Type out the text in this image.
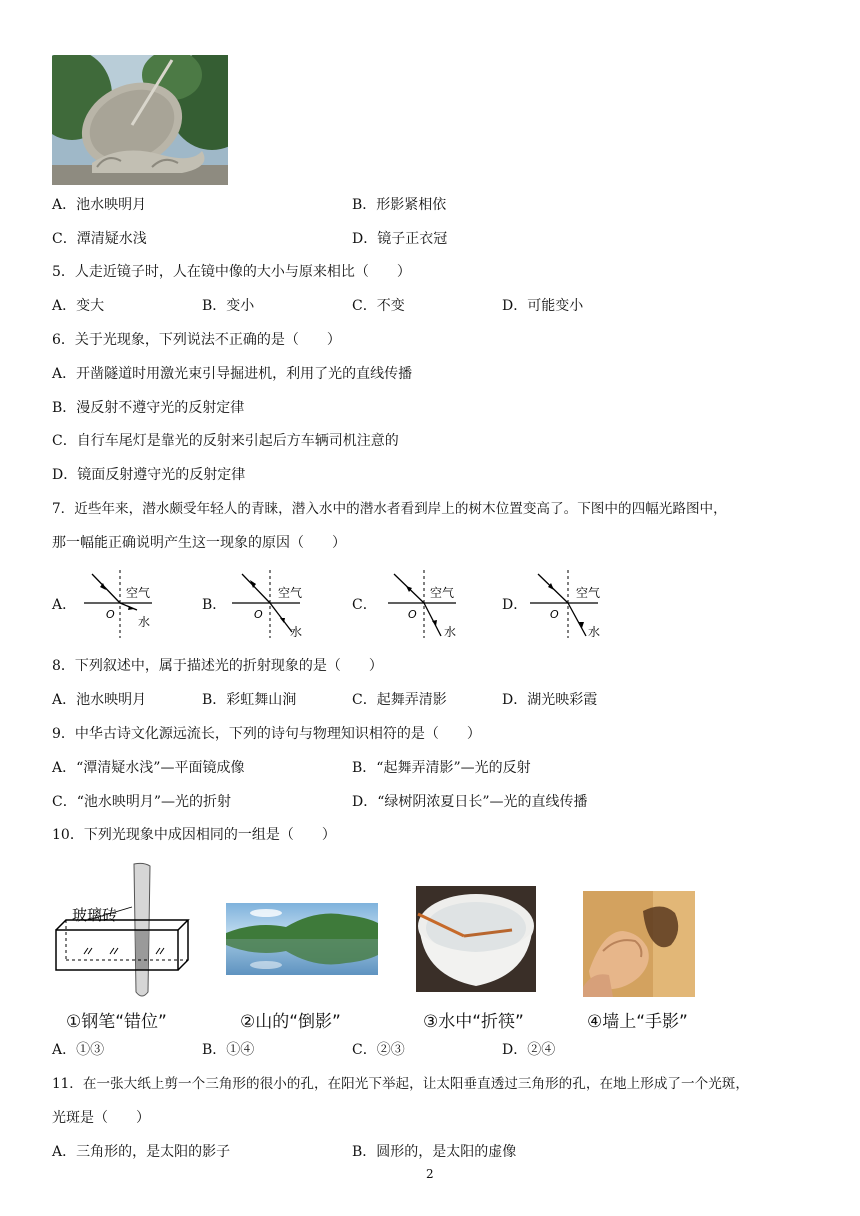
A．池水映明月	B．形影紧相依
C．潭清疑水浅	D．镜子正衣冠
5．人走近镜子时，人在镜中像的大小与原来相比（　　）
A．变大	B．变小	C．不变	D．可能变小
6．关于光现象，下列说法不正确的是（　　）
A．开凿隧道时用激光束引导掘进机，利用了光的直线传播
B．漫反射不遵守光的反射定律
C．自行车尾灯是靠光的反射来引起后方车辆司机注意的
D．镜面反射遵守光的反射定律
7．近些年来，潜水颇受年轻人的青睐，潜入水中的潜水者看到岸上的树木位置变高了。下图中的四幅光路图中，
那一幅能正确说明产生这一现象的原因（　　）
A．	B．	C．	D．
空气
O
水
空气
O
水
空气
O
水
空气
O
水
8．下列叙述中，属于描述光的折射现象的是（　　）
A．池水映明月	B．彩虹舞山涧	C．起舞弄清影	D．湖光映彩霞
9．中华古诗文化源远流长，下列的诗句与物理知识相符的是（　　）
A．“潭清疑水浅”—平面镜成像	B．“起舞弄清影”—光的反射
C．“池水映明月”—光的折射	D．“绿树阴浓夏日长”—光的直线传播
10．下列光现象中成因相同的一组是（　　）
玻璃砖
①钢笔“错位”	②山的“倒影”	③水中“折筷”	④墙上“手影”
A．①③	B．①④	C．②③	D．②④
11．在一张大纸上剪一个三角形的很小的孔，在阳光下举起，让太阳垂直透过三角形的孔，在地上形成了一个光斑，
光斑是（　　）
A．三角形的，是太阳的影子	B．圆形的，是太阳的虚像
2
